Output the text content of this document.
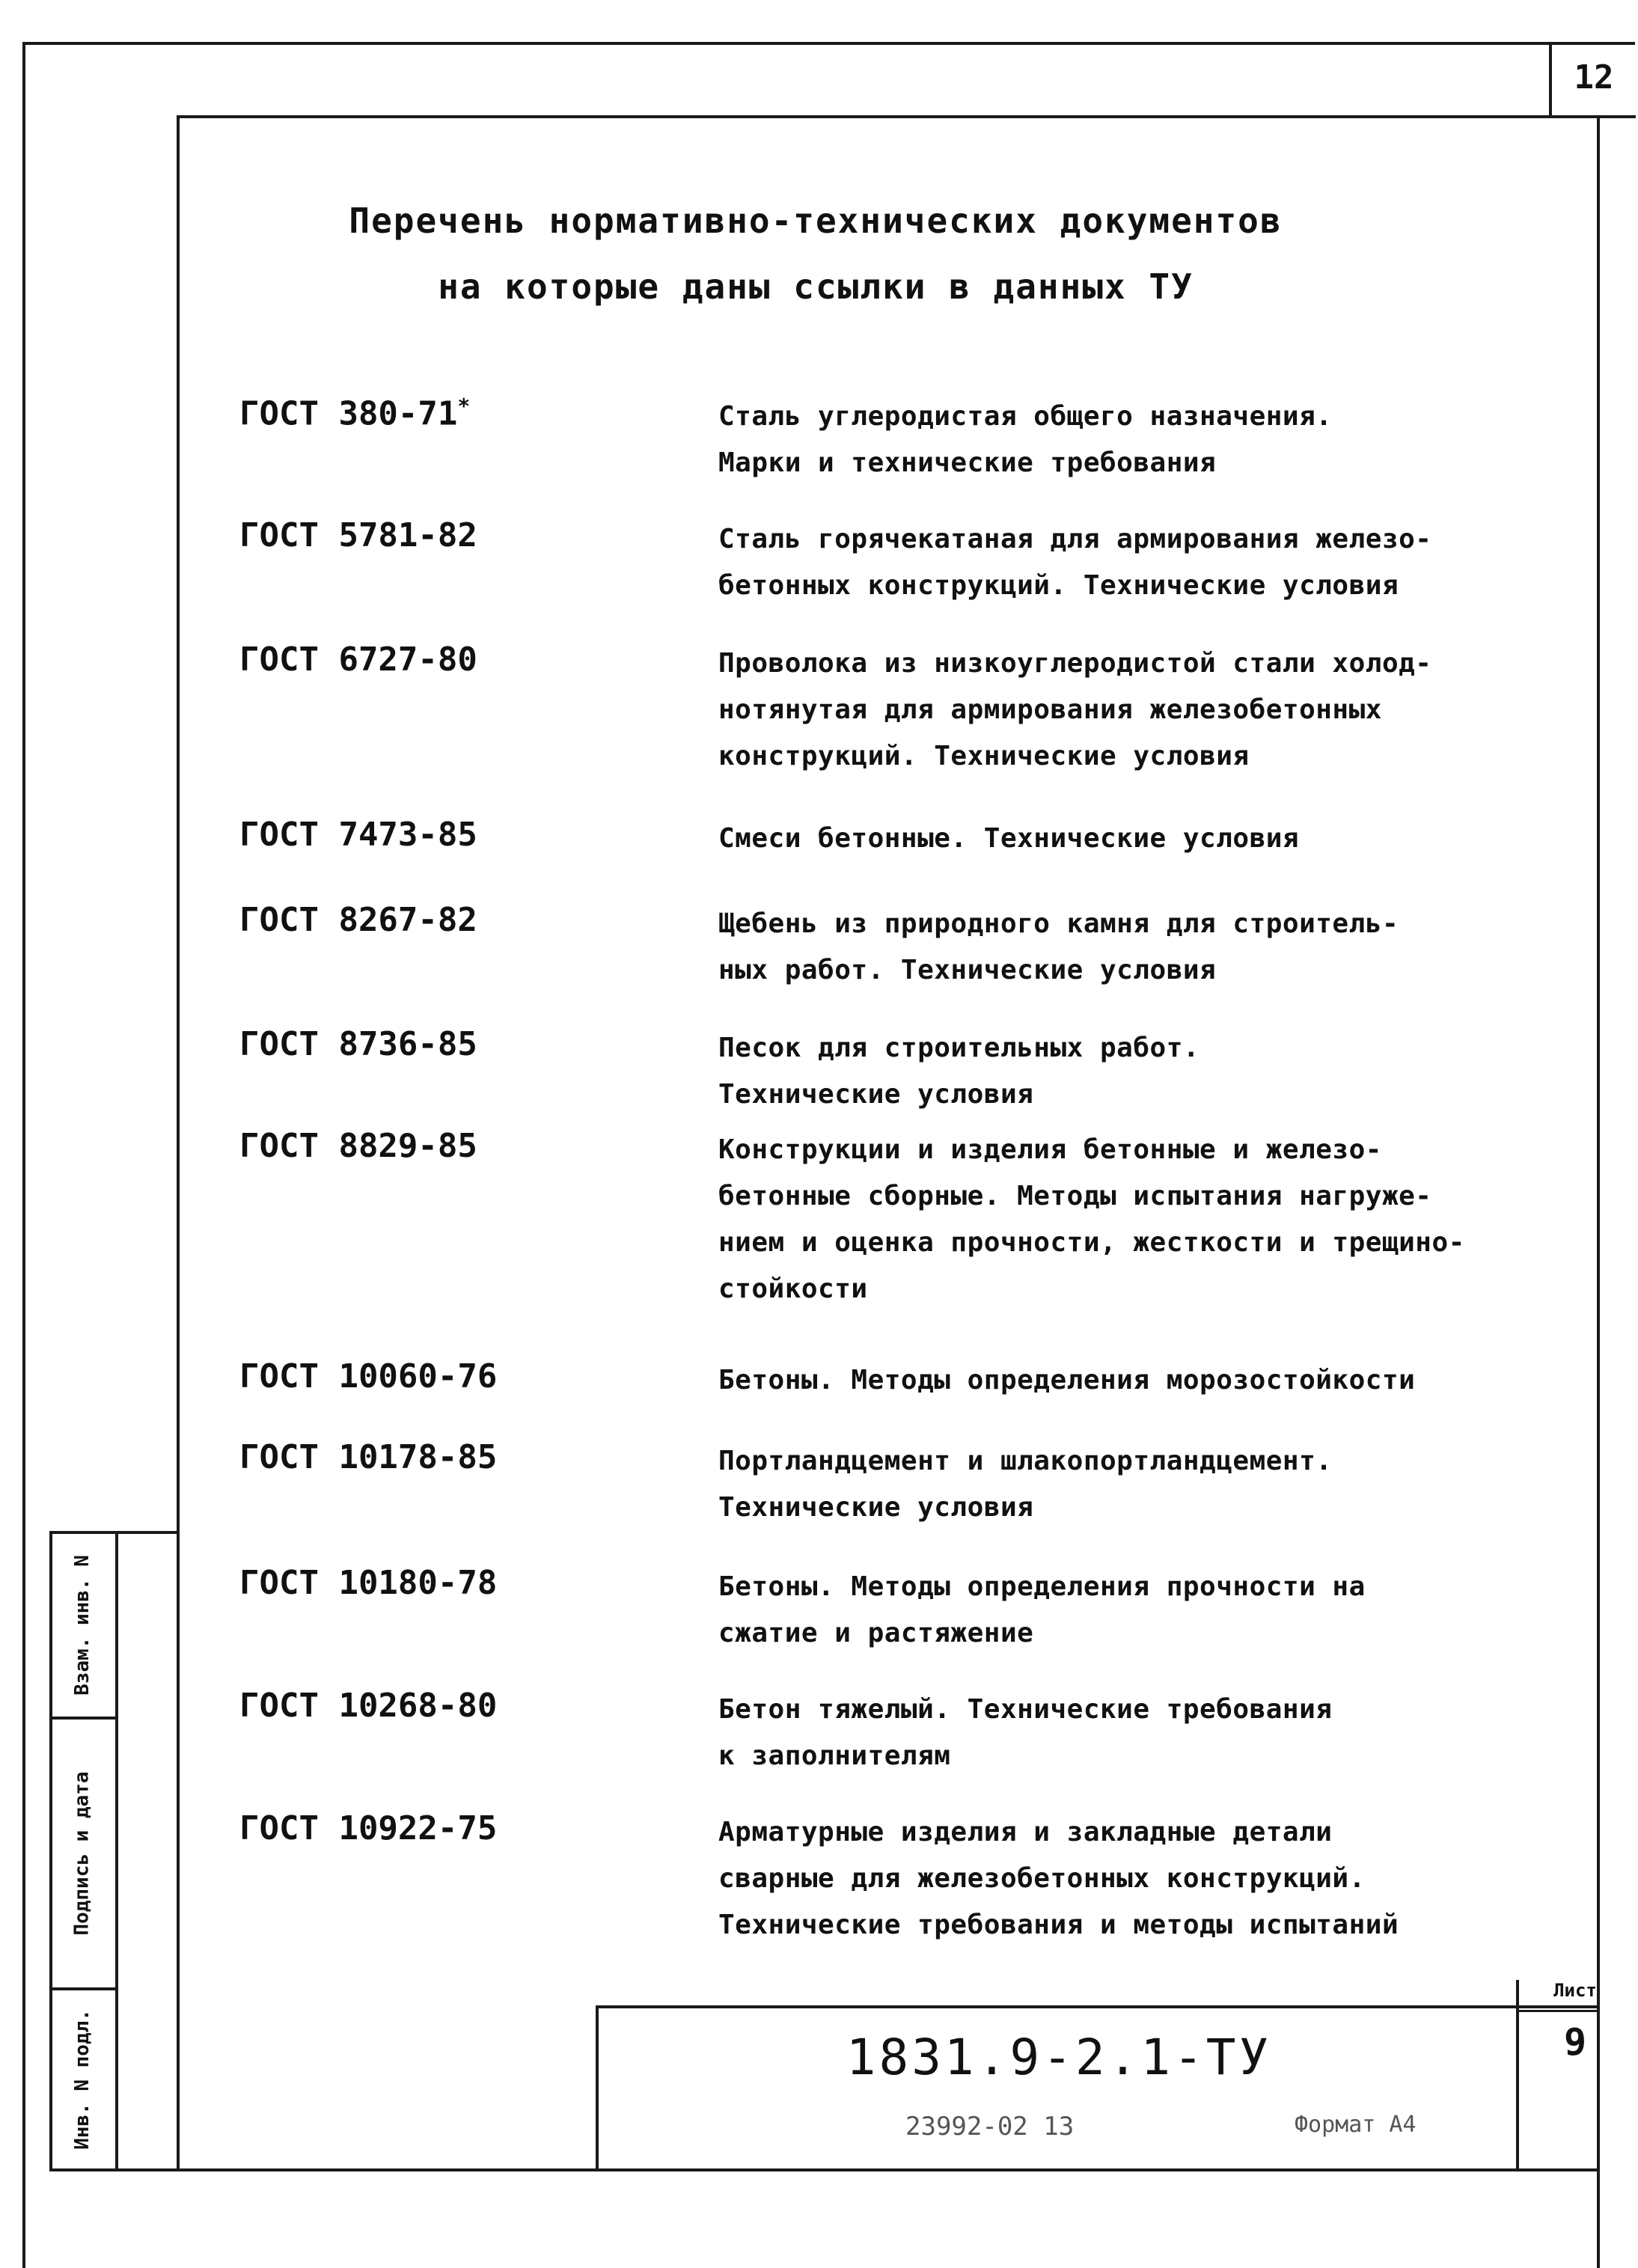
Взам. инв. N
Подпись и дата
Инв. N подл.
12
Перечень нормативно-технических документов
на которые даны ссылки в данных ТУ
ГОСТ 380-71*	Сталь углеродистая общего назначения.
Марки и технические требования
ГОСТ 5781-82	Сталь горячекатаная для армирования железо-
бетонных конструкций. Технические условия
ГОСТ 6727-80	Проволока из низкоуглеродистой стали холод-
нотянутая для армирования железобетонных
конструкций. Технические условия
ГОСТ 7473-85	Смеси бетонные. Технические условия
ГОСТ 8267-82	Щебень из природного камня для строитель-
ных работ. Технические условия
ГОСТ 8736-85	Песок для строительных работ.
Технические условия
ГОСТ 8829-85	Конструкции и изделия бетонные и железо-
бетонные сборные. Методы испытания нагруже-
нием и оценка прочности, жесткости и трещино-
стойкости
ГОСТ 10060-76	Бетоны. Методы определения морозостойкости
ГОСТ 10178-85	Портландцемент и шлакопортландцемент.
Технические условия
ГОСТ 10180-78	Бетоны. Методы определения прочности на
сжатие и растяжение
ГОСТ 10268-80	Бетон тяжелый. Технические требования
к заполнителям
ГОСТ 10922-75	Арматурные изделия и закладные детали
сварные для железобетонных конструкций.
Технические требования и методы испытаний
1831.9-2.1-ТУ
Лист
9
23992-02 13	Формат А4
